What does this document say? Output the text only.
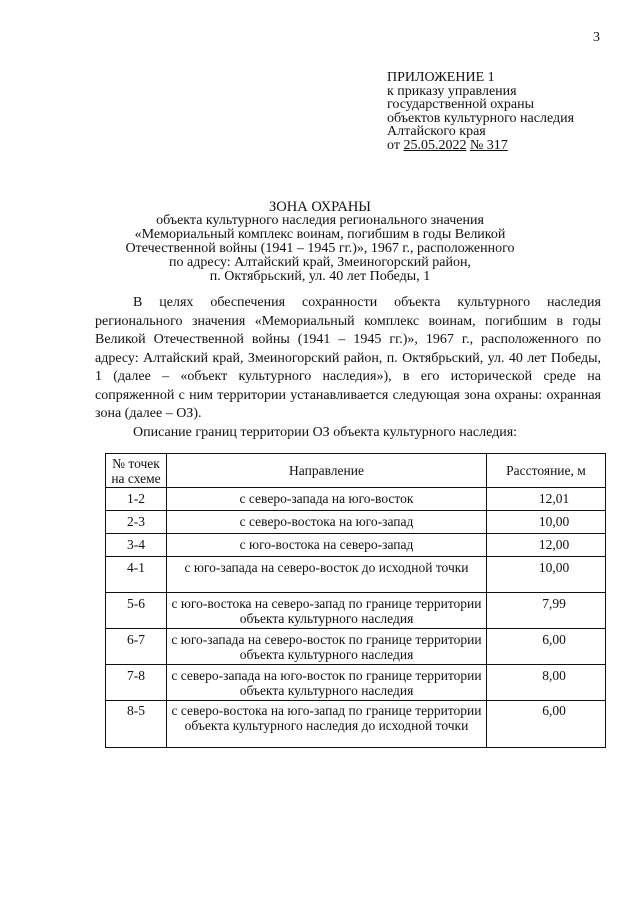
3
ПРИЛОЖЕНИЕ 1
к приказу управления
государственной охраны
объектов культурного наследия
Алтайского края
от 25.05.2022 № 317
ЗОНА ОХРАНЫ
объекта культурного наследия регионального значения
«Мемориальный комплекс воинам, погибшим в годы Великой
Отечественной войны (1941 – 1945 гг.)», 1967 г., расположенного
по адресу: Алтайский край, Змеиногорский район,
п. Октябрьский, ул. 40 лет Победы, 1

В целях обеспечения сохранности объекта культурного наследия регионального значения «Мемориальный комплекс воинам, погибшим в годы Великой Отечественной войны (1941 – 1945 гг.)», 1967 г., расположенного по адресу: Алтайский край, Змеиногорский район, п. Октябрьский, ул. 40 лет Победы, 1 (далее – «объект культурного наследия»), в его исторической среде на сопряженной с ним территории устанавливается следующая зона охраны: охранная зона (далее – ОЗ).

Описание границ территории ОЗ объекта культурного наследия:

№ точек на схеме	Направление	Расстояние, м
1-2	с северо-запада на юго-восток	12,01
2-3	с северо-востока на юго-запад	10,00
3-4	с юго-востока на северо-запад	12,00
4-1	с юго-запада на северо-восток до исходной точки	10,00
5-6	с юго-востока на северо-запад по границе территории объекта культурного наследия	7,99
6-7	с юго-запада на северо-восток по границе территории объекта культурного наследия	6,00
7-8	с северо-запада на юго-восток по границе территории объекта культурного наследия	8,00
8-5	с северо-востока на юго-запад по границе территории объекта культурного наследия до исходной точки	6,00
